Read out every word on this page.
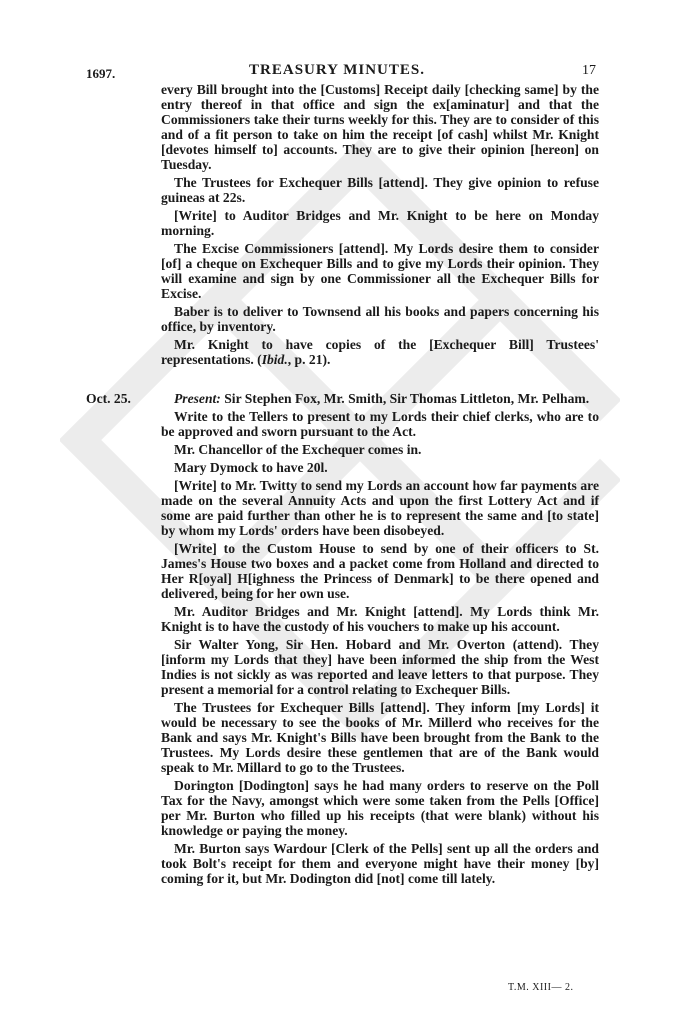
1697.	TREASURY MINUTES.	17

every Bill brought into the [Customs] Receipt daily [checking same] by the entry thereof in that office and sign the ex[aminatur] and that the Commissioners take their turns weekly for this. They are to consider of this and of a fit person to take on him the receipt [of cash] whilst Mr. Knight [devotes himself to] accounts. They are to give their opinion [hereon] on Tuesday.

The Trustees for Exchequer Bills [attend]. They give opinion to refuse guineas at 22s.

[Write] to Auditor Bridges and Mr. Knight to be here on Monday morning.

The Excise Commissioners [attend]. My Lords desire them to consider [of] a cheque on Exchequer Bills and to give my Lords their opinion. They will examine and sign by one Commissioner all the Exchequer Bills for Excise.

Baber is to deliver to Townsend all his books and papers concerning his office, by inventory.

Mr. Knight to have copies of the [Exchequer Bill] Trustees' representations. (Ibid., p. 21).

Oct. 25.	Present: Sir Stephen Fox, Mr. Smith, Sir Thomas Littleton, Mr. Pelham.

Write to the Tellers to present to my Lords their chief clerks, who are to be approved and sworn pursuant to the Act.

Mr. Chancellor of the Exchequer comes in.

Mary Dymock to have 20l.

[Write] to Mr. Twitty to send my Lords an account how far payments are made on the several Annuity Acts and upon the first Lottery Act and if some are paid further than other he is to represent the same and [to state] by whom my Lords' orders have been disobeyed.

[Write] to the Custom House to send by one of their officers to St. James's House two boxes and a packet come from Holland and directed to Her R[oyal] H[ighness the Princess of Denmark] to be there opened and delivered, being for her own use.

Mr. Auditor Bridges and Mr. Knight [attend]. My Lords think Mr. Knight is to have the custody of his vouchers to make up his account.

Sir Walter Yong, Sir Hen. Hobard and Mr. Overton (attend). They [inform my Lords that they] have been informed the ship from the West Indies is not sickly as was reported and leave letters to that purpose. They present a memorial for a control relating to Exchequer Bills.

The Trustees for Exchequer Bills [attend]. They inform [my Lords] it would be necessary to see the books of Mr. Millerd who receives for the Bank and says Mr. Knight's Bills have been brought from the Bank to the Trustees. My Lords desire these gentlemen that are of the Bank would speak to Mr. Millard to go to the Trustees.

Dorington [Dodington] says he had many orders to reserve on the Poll Tax for the Navy, amongst which were some taken from the Pells [Office] per Mr. Burton who filled up his receipts (that were blank) without his knowledge or paying the money.

Mr. Burton says Wardour [Clerk of the Pells] sent up all the orders and took Bolt's receipt for them and everyone might have their money [by] coming for it, but Mr. Dodington did [not] come till lately.

T.M. XIII— 2.
